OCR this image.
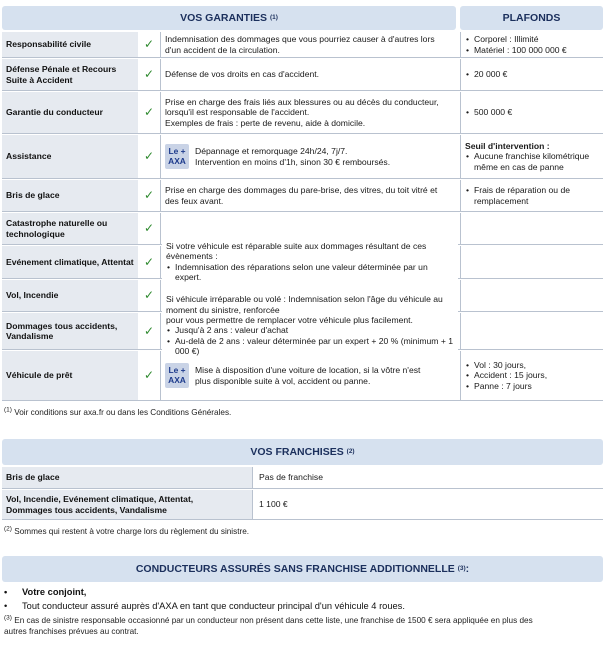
VOS GARANTIES
(1)	PLAFONDS
Responsabilité civile	✓	Indemnisation des dommages que vous pourriez causer à d'autres lors
d'un accident de la circulation.
• Corporel : Illimité
• Matériel : 100 000 000 €
Défense Pénale et Recours Suite à Accident	✓	Défense de vos droits en cas d'accident.
•	20 000 €
Garantie du conducteur	✓
Prise en charge des frais liés aux blessures ou au décès du conducteur,
lorsqu'il est responsable de l'accident.
Exemples de frais : perte de revenu, aide à domicile.
• 500 000 €
Assistance	✓	Le +
AXA
Dépannage et remorquage 24h/24, 7j/7.
Intervention en moins d'1h, sinon 30 € remboursés.
Seuil d'intervention :
• Aucune franchise kilométrique même en cas de panne
Bris de glace	✓	Prise en charge des dommages du pare-brise, des vitres, du toit vitré et
des feux avant.
• Frais de réparation ou de remplacement
Catastrophe naturelle ou technologique	✓
Evénement climatique, Attentat ✓
Vol, Incendie	✓
Dommages tous accidents, Vandalisme	✓
Si votre véhicule est réparable suite aux dommages résultant de ces évènements :
• Indemnisation des réparations selon une valeur déterminée par un expert.
Si véhicule irréparable ou volé : Indemnisation selon l'âge du véhicule au moment du sinistre, renforcée
pour vous permettre de remplacer votre véhicule plus facilement.
• Jusqu'à 2 ans : valeur d'achat
• Au-delà de 2 ans : valeur déterminée par un expert + 20 % (minimum + 1 000 €)
Véhicule de prêt	✓	Le +
AXA
Mise à disposition d'une voiture de location, si la vôtre n'est
plus disponible suite à vol, accident ou panne.
• Vol : 30 jours,
• Accident : 15 jours,
• Panne : 7 jours
$^{(1)}$ Voir conditions sur axa.fr ou dans les Conditions Générales.
VOS FRANCHISES
(2)
Bris de glace	Pas de franchise
Vol, Incendie, Evénement climatique, Attentat,
Dommages tous accidents, Vandalisme
1 100 €
$^{(2)}$ Sommes qui restent à votre charge lors du règlement du sinistre.
CONDUCTEURS ASSURÉS SANS FRANCHISE ADDITIONNELLE
(3) :
• Votre conjoint,
• Tout conducteur assuré auprès d'AXA en tant que conducteur principal d'un véhicule 4 roues.
$^{(3)}$ En cas de sinistre responsable occasionné par un conducteur non présent dans cette liste, une franchise de 1500 € sera appliquée en plus des
autres franchises prévues au contrat.
